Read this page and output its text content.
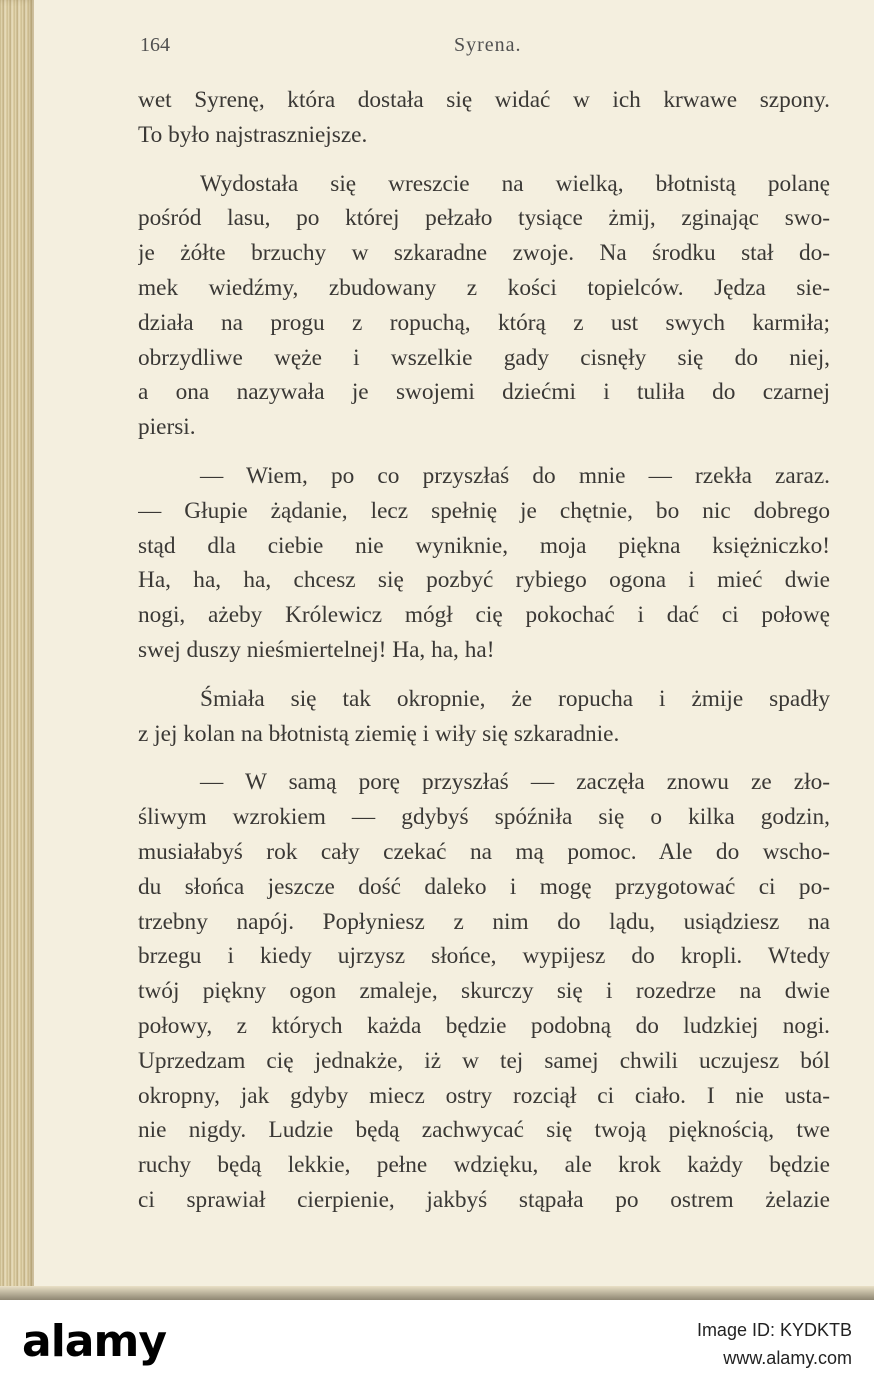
164	Syrena.
wet Syrenę, która dostała się widać w ich krwawe szpony.
To było najstraszniejsze.
Wydostała się wreszcie na wielką, błotnistą polanę
pośród lasu, po której pełzało tysiące żmij, zginając swo-
je żółte brzuchy w szkaradne zwoje. Na środku stał do-
mek wiedźmy, zbudowany z kości topielców. Jędza sie-
działa na progu z ropuchą, którą z ust swych karmiła;
obrzydliwe węże i wszelkie gady cisnęły się do niej,
a ona nazywała je swojemi dziećmi i tuliła do czarnej
piersi.
— Wiem, po co przyszłaś do mnie — rzekła zaraz.
— Głupie żądanie, lecz spełnię je chętnie, bo nic dobrego
stąd dla ciebie nie wyniknie, moja piękna księżniczko!
Ha, ha, ha, chcesz się pozbyć rybiego ogona i mieć dwie
nogi, ażeby Królewicz mógł cię pokochać i dać ci połowę
swej duszy nieśmiertelnej! Ha, ha, ha!
Śmiała się tak okropnie, że ropucha i żmije spadły
z jej kolan na błotnistą ziemię i wiły się szkaradnie.
— W samą porę przyszłaś — zaczęła znowu ze zło-
śliwym wzrokiem — gdybyś spóźniła się o kilka godzin,
musiałabyś rok cały czekać na mą pomoc. Ale do wscho-
du słońca jeszcze dość daleko i mogę przygotować ci po-
trzebny napój. Popłyniesz z nim do lądu, usiądziesz na
brzegu i kiedy ujrzysz słońce, wypijesz do kropli. Wtedy
twój piękny ogon zmaleje, skurczy się i rozedrze na dwie
połowy, z których każda będzie podobną do ludzkiej nogi.
Uprzedzam cię jednakże, iż w tej samej chwili uczujesz ból
okropny, jak gdyby miecz ostry rozciął ci ciało. I nie usta-
nie nigdy. Ludzie będą zachwycać się twoją pięknością, twe
ruchy będą lekkie, pełne wdzięku, ale krok każdy będzie
ci sprawiał cierpienie, jakbyś stąpała po ostrem żelazie
alamy	Image ID: KYDKTB
www.alamy.com
